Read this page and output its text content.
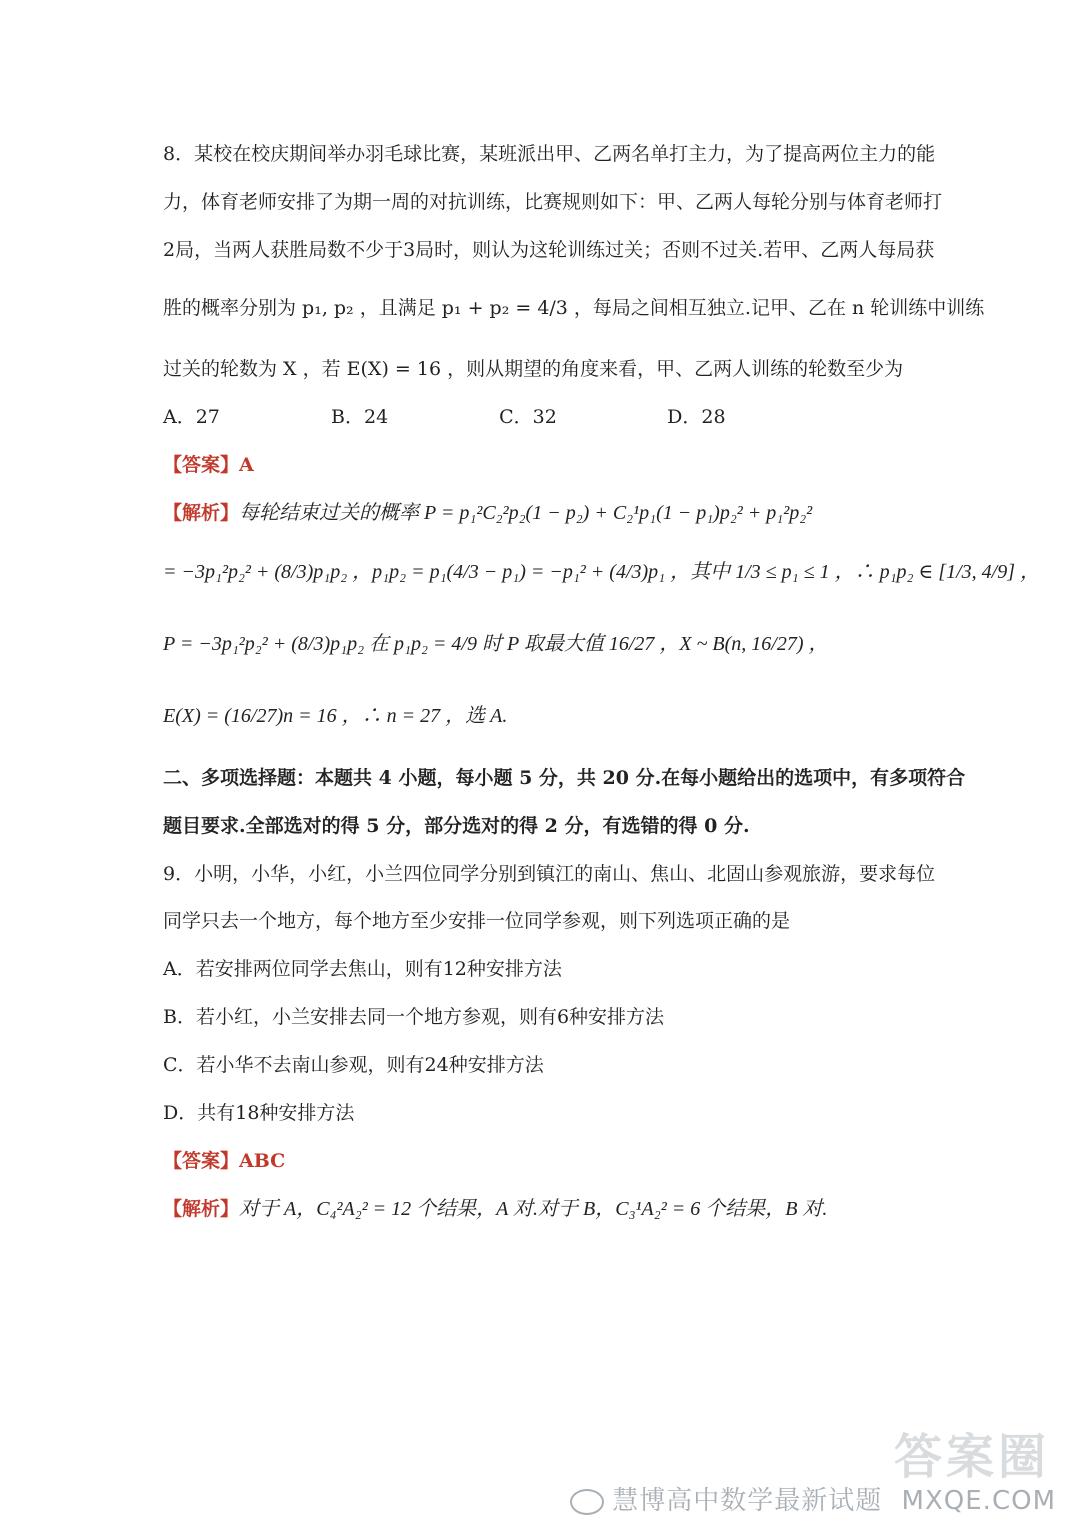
8．某校在校庆期间举办羽毛球比赛，某班派出甲、乙两名单打主力，为了提高两位主力的能
力，体育老师安排了为期一周的对抗训练，比赛规则如下：甲、乙两人每轮分别与体育老师打
2局，当两人获胜局数不少于3局时，则认为这轮训练过关；否则不过关.若甲、乙两人每局获
胜的概率分别为 p₁, p₂ ，且满足 p₁ + p₂ = 4/3 ，每局之间相互独立.记甲、乙在 n 轮训练中训练
过关的轮数为 X ，若 E(X) = 16 ，则从期望的角度来看，甲、乙两人训练的轮数至少为
A．27	B．24	C．32	D．28
【答案】A
【解析】每轮结束过关的概率 P = p₁²C₂²p₂(1 − p₂) + C₂¹p₁(1 − p₁)p₂² + p₁²p₂²
= −3p₁²p₂² + (8/3)p₁p₂ ，p₁p₂ = p₁(4/3 − p₁) = −p₁² + (4/3)p₁ ，其中 1/3 ≤ p₁ ≤ 1 ，∴ p₁p₂ ∈ [1/3, 4/9] ，
P = −3p₁²p₂² + (8/3)p₁p₂ 在 p₁p₂ = 4/9 时 P 取最大值 16/27 ，X ~ B(n, 16/27) ，
E(X) = (16/27)n = 16 ，∴ n = 27 ，选 A.
二、多项选择题：本题共 4 小题，每小题 5 分，共 20 分.在每小题给出的选项中，有多项符合
题目要求.全部选对的得 5 分，部分选对的得 2 分，有选错的得 0 分.
9．小明，小华，小红，小兰四位同学分别到镇江的南山、焦山、北固山参观旅游，要求每位
同学只去一个地方，每个地方至少安排一位同学参观，则下列选项正确的是
A．若安排两位同学去焦山，则有12种安排方法
B．若小红，小兰安排去同一个地方参观，则有6种安排方法
C．若小华不去南山参观，则有24种安排方法
D．共有18种安排方法
【答案】ABC
【解析】对于 A，C₄²A₂² = 12 个结果，A 对.对于 B，C₃¹A₂² = 6 个结果，B 对.
答案圈
慧博高中数学最新试题 MXQE.COM
